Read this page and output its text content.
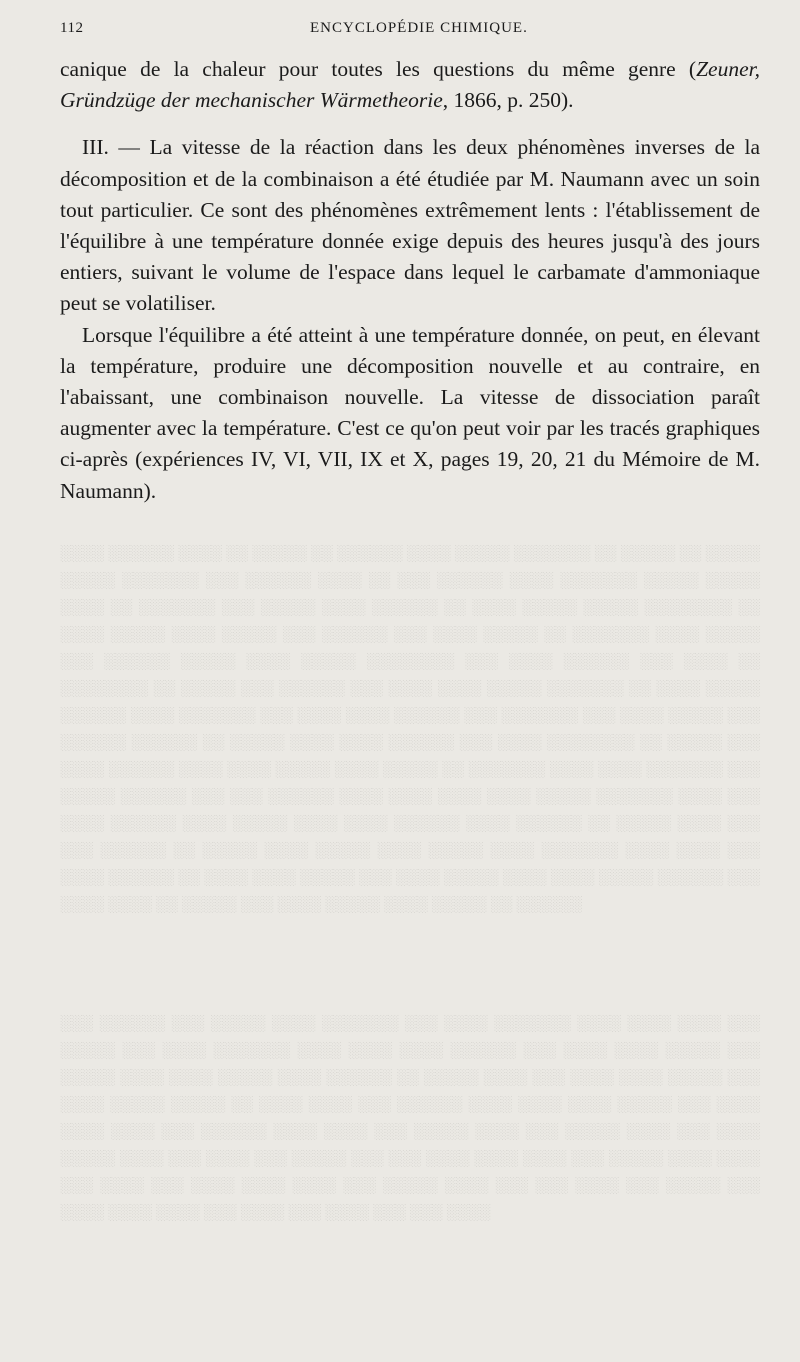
112	ENCYCLOPÉDIE CHIMIQUE.
░░░░ ░░░░░░ ░░░░ ░░ ░░░░░ ░░ ░░░░░░ ░░░░ ░░░░░ ░░░░░░░ ░░ ░░░░░ ░░ ░░░░░ ░░░░░ ░░░░░░░ ░░░ ░░░░░░ ░░░░ ░░ ░░░ ░░░░░░ ░░░░ ░░░░░░░ ░░░░░ ░░░░░ ░░░░ ░░ ░░░░░░░ ░░░ ░░░░░ ░░░░ ░░░░░░ ░░ ░░░░ ░░░░░ ░░░░░ ░░░░░░░░ ░░ ░░░░ ░░░░░ ░░░░ ░░░░░ ░░░ ░░░░░░ ░░░ ░░░░ ░░░░░ ░░ ░░░░░░░ ░░░░ ░░░░░ ░░░ ░░░░░░ ░░░░░ ░░░░ ░░░░░ ░░░░░░░░ ░░░ ░░░░ ░░░░░░ ░░░ ░░░░ ░░ ░░░░░░░░ ░░ ░░░░░ ░░░ ░░░░░░ ░░░ ░░░░ ░░░░ ░░░░░ ░░░░░░░ ░░ ░░░░ ░░░░░ ░░░░░░ ░░░░ ░░░░░░░ ░░░ ░░░░ ░░░░ ░░░░░░ ░░░ ░░░░░░░ ░░░ ░░░░ ░░░░░ ░░░ ░░░░░░ ░░░░░░ ░░ ░░░░░ ░░░░ ░░░░ ░░░░░░ ░░░ ░░░░ ░░░░░░░░ ░░ ░░░░░ ░░░ ░░░░ ░░░░░░ ░░░░ ░░░░ ░░░░░ ░░░░ ░░░░░ ░░ ░░░░░░░ ░░░░ ░░░░ ░░░░░░░ ░░░ ░░░░░ ░░░░░░ ░░░ ░░░ ░░░░░░ ░░░░ ░░░░ ░░░░ ░░░░ ░░░░░ ░░░░░░░ ░░░░ ░░░ ░░░░ ░░░░░░ ░░░░ ░░░░░ ░░░░ ░░░░ ░░░░░░ ░░░░ ░░░░░░ ░░ ░░░░░ ░░░░ ░░░ ░░░ ░░░░░░ ░░ ░░░░░ ░░░░ ░░░░░ ░░░░ ░░░░░ ░░░░ ░░░░░░░ ░░░░ ░░░░ ░░░ ░░░░ ░░░░░░ ░░ ░░░░ ░░░░ ░░░░░ ░░░ ░░░░ ░░░░░ ░░░░ ░░░░ ░░░░░ ░░░░░░ ░░░ ░░░░ ░░░░ ░░ ░░░░░ ░░░ ░░░░ ░░░░░ ░░░░ ░░░░░ ░░ ░░░░░░
░░░ ░░░░░░ ░░░ ░░░░░ ░░░░ ░░░░░░░ ░░░ ░░░░ ░░░░░░░ ░░░░ ░░░░ ░░░░ ░░░ ░░░░░ ░░░ ░░░░ ░░░░░░░ ░░░░ ░░░░ ░░░░ ░░░░░░ ░░░ ░░░░ ░░░░ ░░░░░ ░░░ ░░░░░ ░░░░ ░░░░ ░░░░░ ░░░░ ░░░░░░ ░░ ░░░░░ ░░░░ ░░░ ░░░░ ░░░░ ░░░░░ ░░░ ░░░░ ░░░░░ ░░░░░ ░░ ░░░░ ░░░░ ░░░ ░░░░░░ ░░░░ ░░░░ ░░░░ ░░░░░ ░░░ ░░░░ ░░░░ ░░░░ ░░░ ░░░░░░ ░░░░ ░░░░ ░░░ ░░░░░ ░░░░ ░░░ ░░░░░ ░░░░ ░░░ ░░░░ ░░░░░ ░░░░ ░░░ ░░░░ ░░░ ░░░░░ ░░░ ░░░ ░░░░ ░░░░ ░░░░ ░░░ ░░░░░ ░░░░ ░░░░ ░░░ ░░░░ ░░░ ░░░░ ░░░░ ░░░░ ░░░ ░░░░░ ░░░░ ░░░ ░░░ ░░░░ ░░░ ░░░░░ ░░░ ░░░░ ░░░░ ░░░░ ░░░ ░░░░ ░░░ ░░░░ ░░░ ░░░ ░░░░

canique de la chaleur pour toutes les questions du même genre (Zeuner, Gründzüge der mechanischer Wärmetheorie, 1866, p. 250).

III. — La vitesse de la réaction dans les deux phénomènes inverses de la décomposition et de la combinaison a été étudiée par M. Naumann avec un soin tout particulier. Ce sont des phénomènes extrêmement lents : l'établissement de l'équilibre à une température donnée exige depuis des heures jusqu'à des jours entiers, suivant le volume de l'espace dans lequel le carbamate d'ammoniaque peut se volatiliser.

Lorsque l'équilibre a été atteint à une température donnée, on peut, en élevant la température, produire une décomposition nouvelle et au contraire, en l'abaissant, une combinaison nouvelle. La vitesse de dissociation paraît augmenter avec la température. C'est ce qu'on peut voir par les tracés graphiques ci-après (expériences IV, VI, VII, IX et X, pages 19, 20, 21 du Mémoire de M. Naumann).
